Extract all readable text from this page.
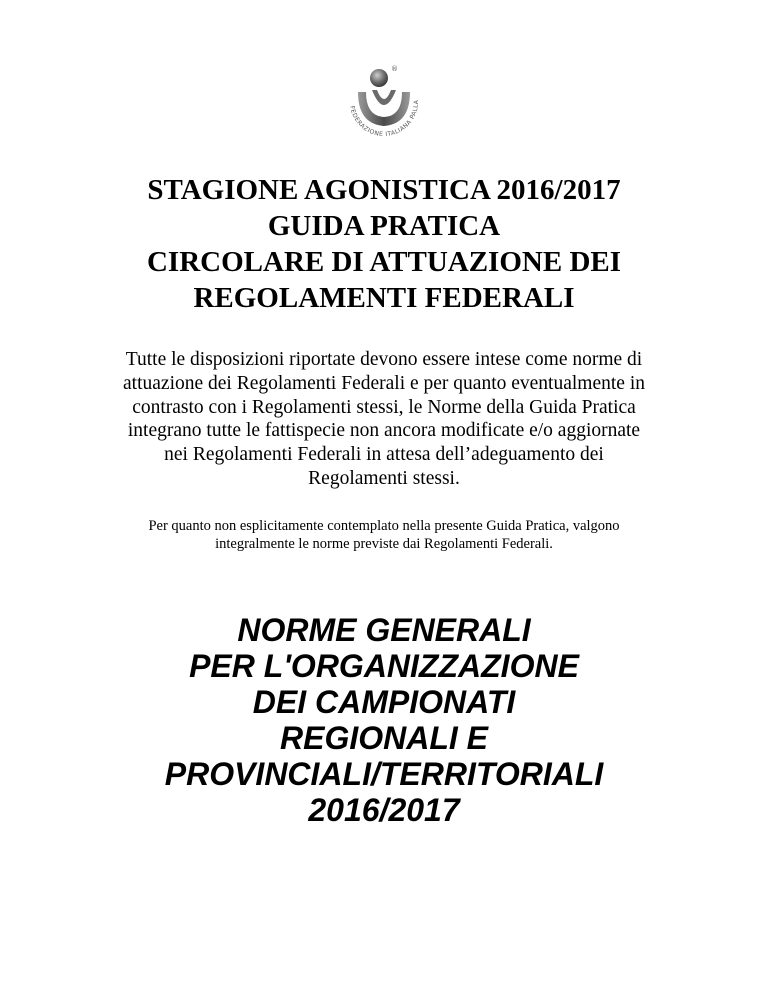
®
FEDERAZIONE ITALIANA PALLA
STAGIONE AGONISTICA 2016/2017
GUIDA PRATICA
CIRCOLARE DI ATTUAZIONE DEI
REGOLAMENTI FEDERALI
Tutte le disposizioni riportate devono essere intese come norme di
attuazione dei Regolamenti Federali e per quanto eventualmente in
contrasto con i Regolamenti stessi, le Norme della Guida Pratica
integrano tutte le fattispecie non ancora modificate e/o aggiornate
nei Regolamenti Federali in attesa dell’adeguamento dei
Regolamenti stessi.
Per quanto non esplicitamente contemplato nella presente Guida Pratica, valgono
integralmente le norme previste dai Regolamenti Federali.
NORME GENERALI
PER L'ORGANIZZAZIONE
DEI CAMPIONATI
REGIONALI E
PROVINCIALI/TERRITORIALI
2016/2017
